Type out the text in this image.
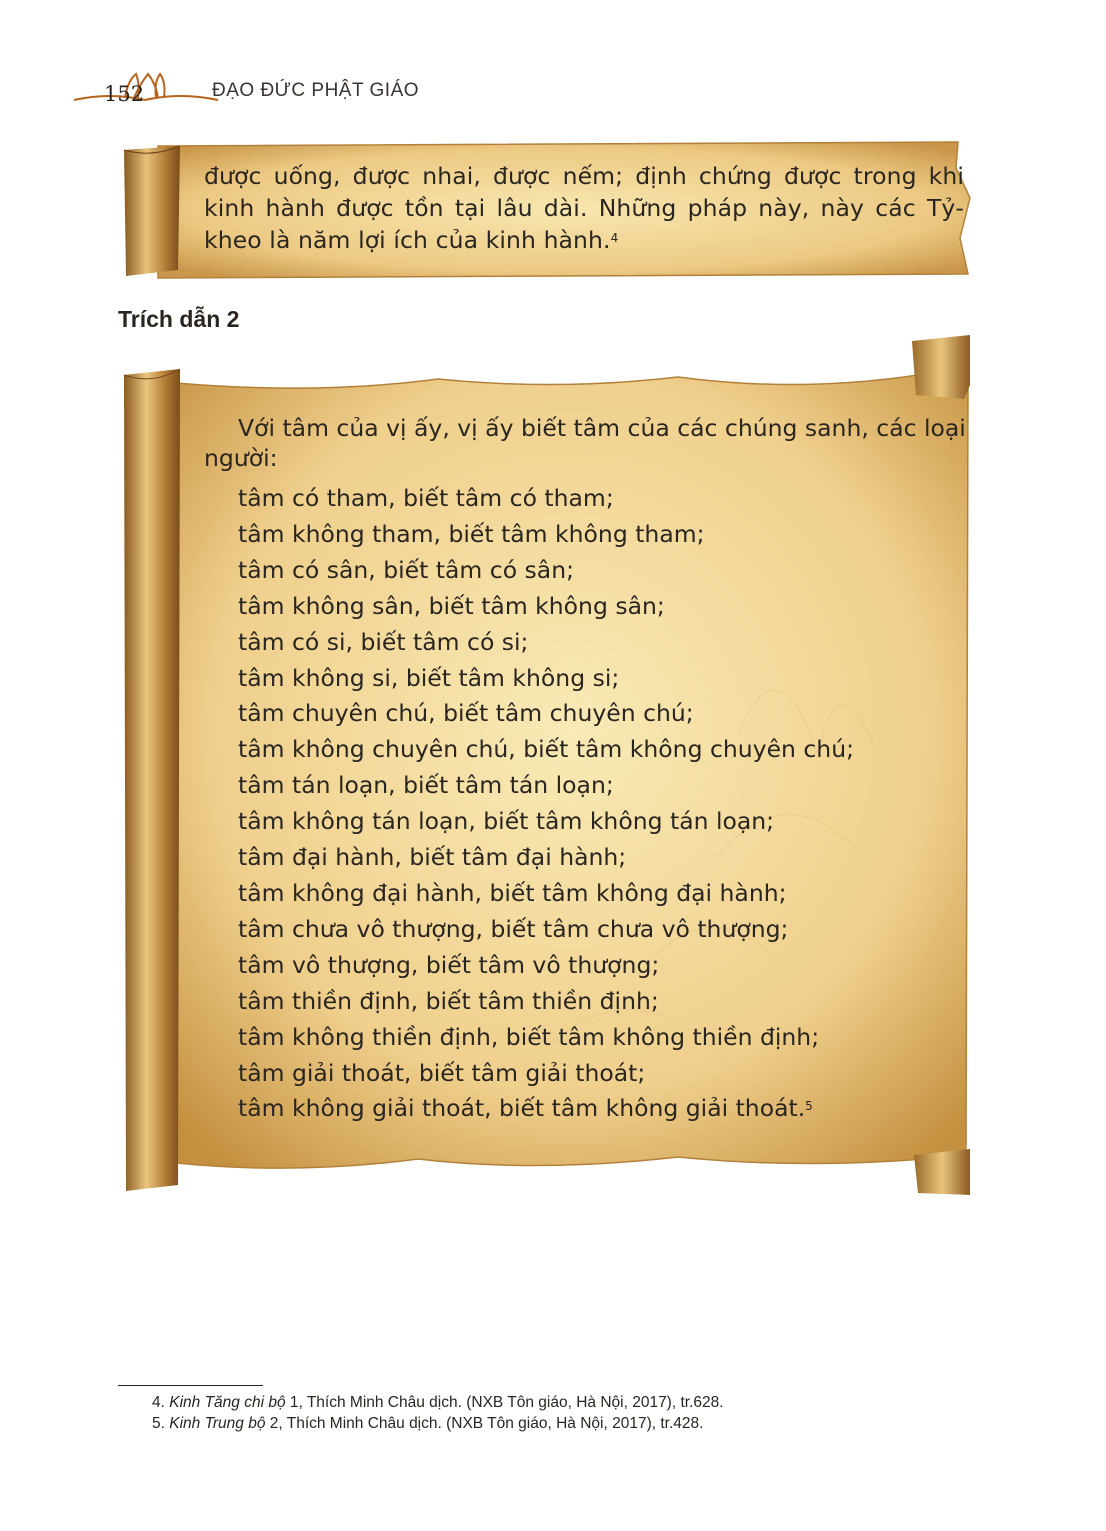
152	ĐẠO ĐỨC PHẬT GIÁO

được uống, được nhai, được nếm; định chứng được trong khi kinh hành được tồn tại lâu dài. Những pháp này, này các Tỷ-kheo là năm lợi ích của kinh hành.$^4$

Trích dẫn 2

Với tâm của vị ấy, vị ấy biết tâm của các chúng sanh, các loại người:

tâm có tham, biết tâm có tham;
tâm không tham, biết tâm không tham;
tâm có sân, biết tâm có sân;
tâm không sân, biết tâm không sân;
tâm có si, biết tâm có si;
tâm không si, biết tâm không si;
tâm chuyên chú, biết tâm chuyên chú;
tâm không chuyên chú, biết tâm không chuyên chú;
tâm tán loạn, biết tâm tán loạn;
tâm không tán loạn, biết tâm không tán loạn;
tâm đại hành, biết tâm đại hành;
tâm không đại hành, biết tâm không đại hành;
tâm chưa vô thượng, biết tâm chưa vô thượng;
tâm vô thượng, biết tâm vô thượng;
tâm thiền định, biết tâm thiền định;
tâm không thiền định, biết tâm không thiền định;
tâm giải thoát, biết tâm giải thoát;
tâm không giải thoát, biết tâm không giải thoát.$^5$
4. Kinh Tăng chi bộ 1, Thích Minh Châu dịch. (NXB Tôn giáo, Hà Nội, 2017), tr.628.
5. Kinh Trung bộ 2, Thích Minh Châu dịch. (NXB Tôn giáo, Hà Nội, 2017), tr.428.
